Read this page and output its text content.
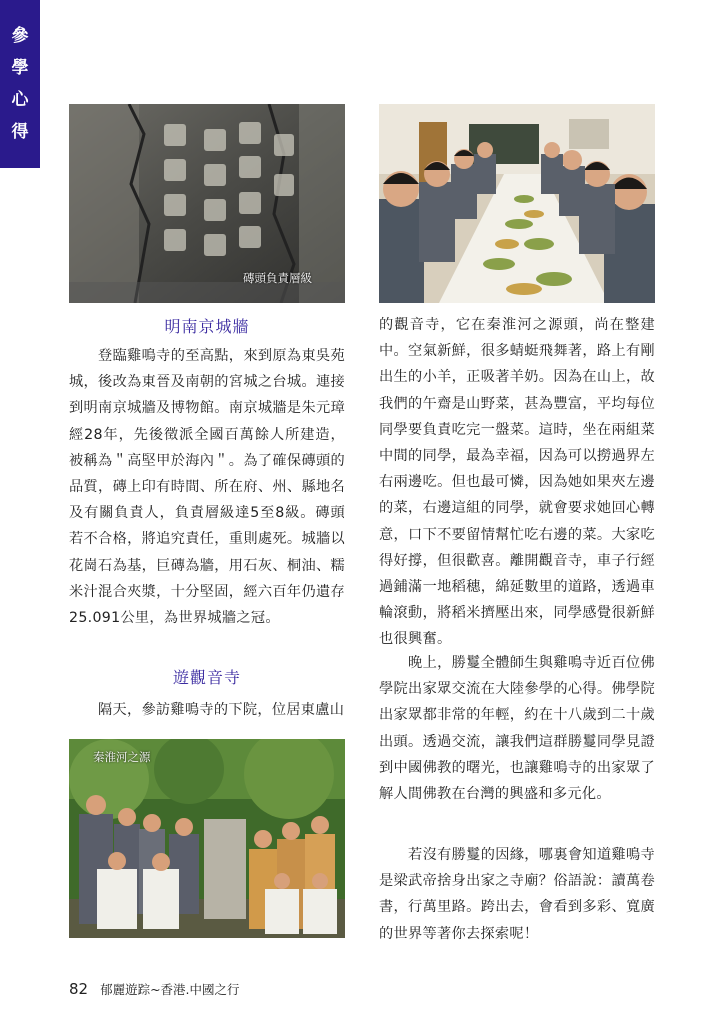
參
學
心
得
磚頭負責層級
明南京城牆

　　登臨雞鳴寺的至高點，來到原為東吳苑城，後改為東晉及南朝的宮城之台城。連接到明南京城牆及博物館。南京城牆是朱元璋經28年，先後徵派全國百萬餘人所建造，被稱為＂高堅甲於海內＂。為了確保磚頭的品質，磚上印有時間、所在府、州、縣地名及有關負責人，負責層級達5至8級。磚頭若不合格，將追究責任，重則處死。城牆以花崗石為基，巨磚為牆，用石灰、桐油、糯米汁混合夾漿，十分堅固，經六百年仍遺存25.091公里，為世界城牆之冠。

遊觀音寺

　　隔天，參訪雞鳴寺的下院，位居東盧山

秦淮河之源

的觀音寺，它在秦淮河之源頭，尚在整建中。空氣新鮮，很多蜻蜓飛舞著，路上有剛出生的小羊，正吸著羊奶。因為在山上，故我們的午齋是山野菜，甚為豐富，平均每位同學要負責吃完一盤菜。這時，坐在兩組菜中間的同學，最為幸福，因為可以撈過界左右兩邊吃。但也最可憐，因為她如果夾左邊的菜，右邊這組的同學，就會要求她回心轉意，口下不要留情幫忙吃右邊的菜。大家吃得好撐，但很歡喜。離開觀音寺，車子行經過鋪滿一地稻穗，綿延數里的道路，透過車輪滾動，將稻米擠壓出來，同學感覺很新鮮也很興奮。

　　晚上，勝鬘全體師生與雞鳴寺近百位佛學院出家眾交流在大陸參學的心得。佛學院出家眾都非常的年輕，約在十八歲到二十歲出頭。透過交流，讓我們這群勝鬘同學見證到中國佛教的曙光，也讓雞鳴寺的出家眾了解人間佛教在台灣的興盛和多元化。

　　若沒有勝鬘的因緣，哪裏會知道雞鳴寺是梁武帝捨身出家之寺廟？俗語說：讀萬卷書，行萬里路。跨出去，會看到多彩、寬廣的世界等著你去探索呢！

82 郁麗遊踪~香港.中國之行
